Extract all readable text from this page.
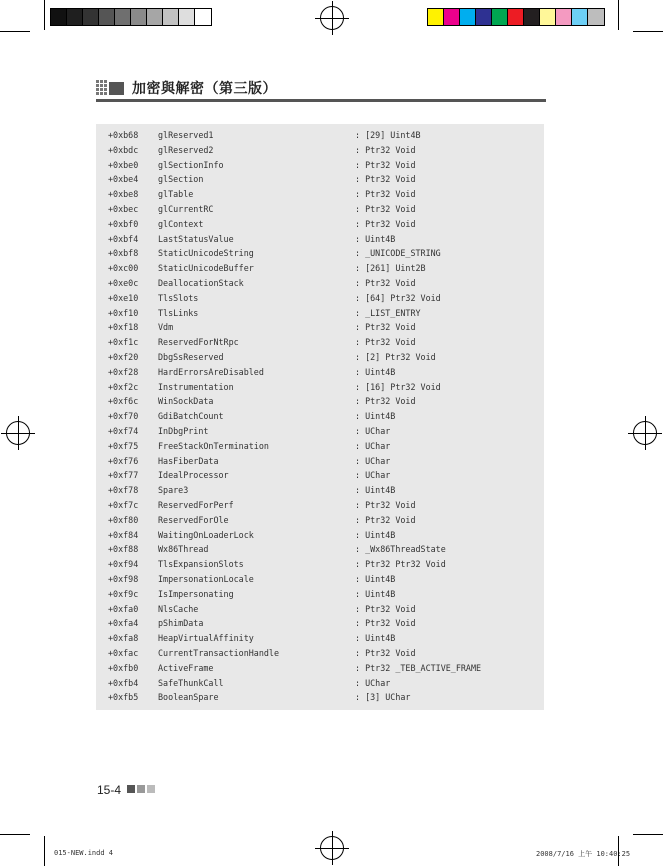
加密與解密（第三版）
+0xb68 glReserved1	: [29] Uint4B
+0xbdc glReserved2	: Ptr32 Void
+0xbe0 glSectionInfo	: Ptr32 Void
+0xbe4 glSection	: Ptr32 Void
+0xbe8 glTable	: Ptr32 Void
+0xbec glCurrentRC	: Ptr32 Void
+0xbf0 glContext	: Ptr32 Void
+0xbf4 LastStatusValue	: Uint4B
+0xbf8 StaticUnicodeString	: _UNICODE_STRING
+0xc00 StaticUnicodeBuffer	: [261] Uint2B
+0xe0c DeallocationStack	: Ptr32 Void
+0xe10 TlsSlots	: [64] Ptr32 Void
+0xf10 TlsLinks	: _LIST_ENTRY
+0xf18 Vdm	: Ptr32 Void
+0xf1c ReservedForNtRpc	: Ptr32 Void
+0xf20 DbgSsReserved	: [2] Ptr32 Void
+0xf28 HardErrorsAreDisabled	: Uint4B
+0xf2c Instrumentation	: [16] Ptr32 Void
+0xf6c WinSockData	: Ptr32 Void
+0xf70 GdiBatchCount	: Uint4B
+0xf74 InDbgPrint	: UChar
+0xf75 FreeStackOnTermination	: UChar
+0xf76 HasFiberData	: UChar
+0xf77 IdealProcessor	: UChar
+0xf78 Spare3	: Uint4B
+0xf7c ReservedForPerf	: Ptr32 Void
+0xf80 ReservedForOle	: Ptr32 Void
+0xf84 WaitingOnLoaderLock	: Uint4B
+0xf88 Wx86Thread	: _Wx86ThreadState
+0xf94 TlsExpansionSlots	: Ptr32 Ptr32 Void
+0xf98 ImpersonationLocale	: Uint4B
+0xf9c IsImpersonating	: Uint4B
+0xfa0 NlsCache	: Ptr32 Void
+0xfa4 pShimData	: Ptr32 Void
+0xfa8 HeapVirtualAffinity	: Uint4B
+0xfac CurrentTransactionHandle	: Ptr32 Void
+0xfb0 ActiveFrame	: Ptr32 _TEB_ACTIVE_FRAME
+0xfb4 SafeThunkCall	: UChar
+0xfb5 BooleanSpare	: [3] UChar
15-4
015-NEW.indd 4	2008/7/16 上午 10:40:25
